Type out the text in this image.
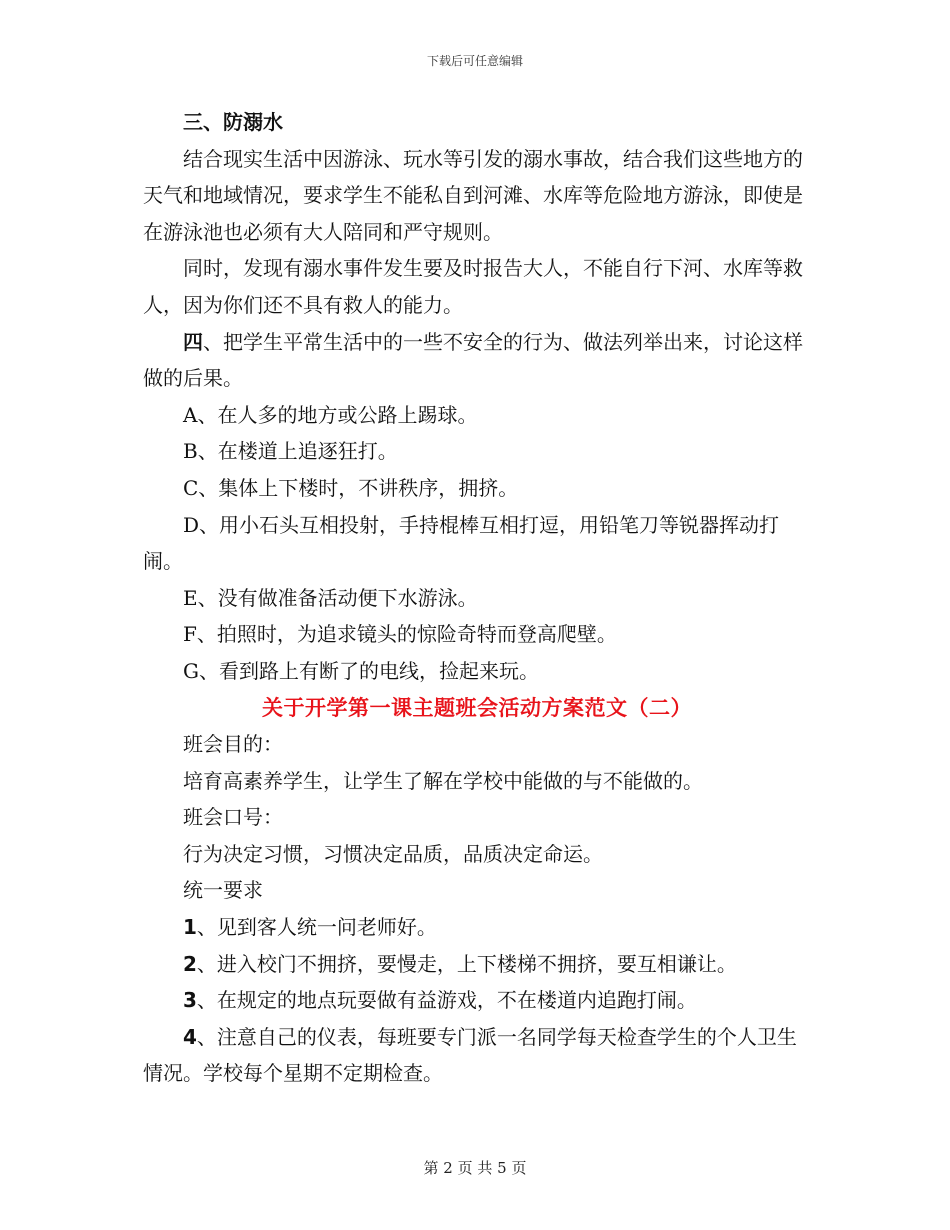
下载后可任意编辑

三、防溺水

结合现实生活中因游泳、玩水等引发的溺水事故，结合我们这些地方的天气和地域情况，要求学生不能私自到河滩、水库等危险地方游泳，即使是在游泳池也必须有大人陪同和严守规则。

同时，发现有溺水事件发生要及时报告大人，不能自行下河、水库等救人，因为你们还不具有救人的能力。

四、把学生平常生活中的一些不安全的行为、做法列举出来，讨论这样做的后果。

A、在人多的地方或公路上踢球。

B、在楼道上追逐狂打。

C、集体上下楼时，不讲秩序，拥挤。

D、用小石头互相投射，手持棍棒互相打逗，用铅笔刀等锐器挥动打闹。

E、没有做准备活动便下水游泳。

F、拍照时，为追求镜头的惊险奇特而登高爬壁。

G、看到路上有断了的电线，捡起来玩。

关于开学第一课主题班会活动方案范文（二）

班会目的：

培育高素养学生，让学生了解在学校中能做的与不能做的。

班会口号：

行为决定习惯，习惯决定品质，品质决定命运。

统一要求

1、见到客人统一问老师好。

2、进入校门不拥挤，要慢走，上下楼梯不拥挤，要互相谦让。

3、在规定的地点玩耍做有益游戏，不在楼道内追跑打闹。

4、注意自己的仪表，每班要专门派一名同学每天检查学生的个人卫生情况。学校每个星期不定期检查。

第 2 页 共 5 页
